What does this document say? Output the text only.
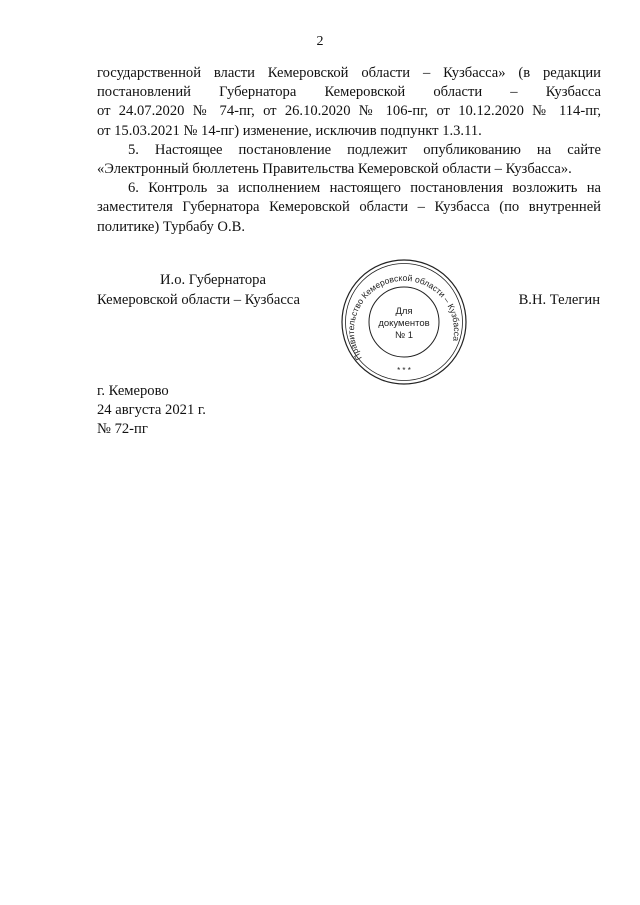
2
государственной власти Кемеровской области – Кузбасса» (в редакции
постановлений Губернатора Кемеровской области – Кузбасса
от 24.07.2020 № 74-пг, от 26.10.2020 № 106-пг, от 10.12.2020 № 114-пг,
от 15.03.2021 № 14-пг) изменение, исключив подпункт 1.3.11.
5. Настоящее постановление подлежит опубликованию на сайте
«Электронный бюллетень Правительства Кемеровской области – Кузбасса».
6. Контроль за исполнением настоящего постановления возложить на
заместителя Губернатора Кемеровской области – Кузбасса (по внутренней
политике) Турбабу О.В.
И.о. Губернатора
Кемеровской области – Кузбасса	В.Н. Телегин
Правительство Кемеровской области – Кузбасса
Для
документов
№ 1
* * *
г. Кемерово
24 августа 2021 г.
№ 72-пг
